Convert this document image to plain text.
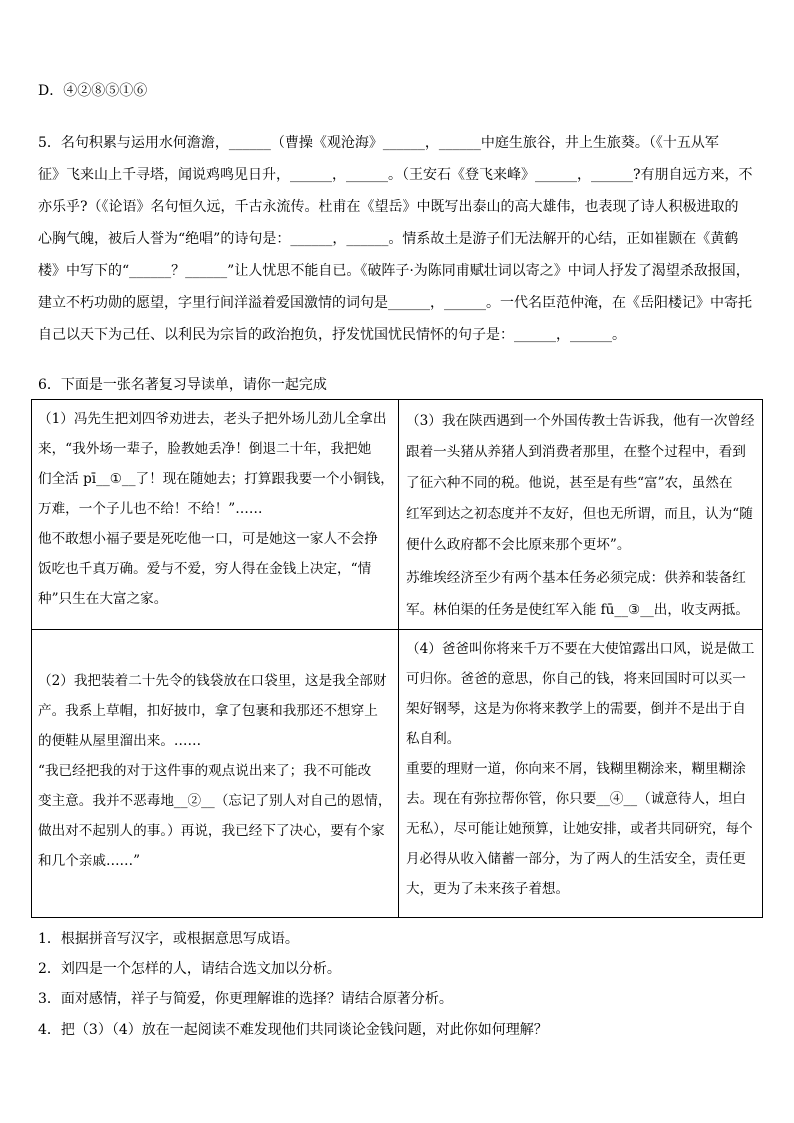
D．④②⑧⑤①⑥
5．名句积累与运用水何澹澹，______（曹操《观沧海》______，______中庭生旅谷，井上生旅葵。（《十五从军
征》飞来山上千寻塔，闻说鸡鸣见日升，______，______。（王安石《登飞来峰》______，______?有朋自远方来，不
亦乐乎?（《论语》名句恒久远，千古永流传。杜甫在《望岳》中既写出泰山的高大雄伟，也表现了诗人积极进取的
心胸气魄，被后人誉为“绝唱”的诗句是：______，______。情系故土是游子们无法解开的心结，正如崔颢在《黄鹤
楼》中写下的“______？______”让人忧思不能自已。《破阵子·为陈同甫赋壮词以寄之》中词人抒发了渴望杀敌报国，
建立不朽功勋的愿望，字里行间洋溢着爱国激情的词句是______，______。一代名臣范仲淹，在《岳阳楼记》中寄托
自己以天下为己任、以利民为宗旨的政治抱负，抒发忧国忧民情怀的句子是：______，______。
6．下面是一张名著复习导读单，请你一起完成
（1）冯先生把刘四爷劝进去，老头子把外场儿劲儿全拿出
来，“我外场一辈子，脸教她丢净！倒退二十年，我把她
们全活 pī__①__了！现在随她去；打算跟我要一个小铜钱，
万难，一个子儿也不给！不给！”……
他不敢想小福子要是死吃他一口，可是她这一家人不会挣
饭吃也千真万确。爱与不爱，穷人得在金钱上决定，“情
种”只生在大富之家。
（3）我在陕西遇到一个外国传教士告诉我，他有一次曾经
跟着一头猪从养猪人到消费者那里，在整个过程中，看到
了征六种不同的税。他说，甚至是有些“富”农，虽然在
红军到达之初态度并不友好，但也无所谓，而且，认为“随
便什么政府都不会比原来那个更坏”。
苏维埃经济至少有两个基本任务必须完成：供养和装备红
军。林伯渠的任务是使红军入能 fū__③__出，收支两抵。
（2）我把装着二十先令的钱袋放在口袋里，这是我全部财
产。我系上草帽，扣好披巾，拿了包裹和我那还不想穿上
的便鞋从屋里溜出来。……
“我已经把我的对于这件事的观点说出来了；我不可能改
变主意。我并不恶毒地__②__（忘记了别人对自己的恩情，
做出对不起别人的事。）再说，我已经下了决心，要有个家
和几个亲戚……”
（4）爸爸叫你将来千万不要在大使馆露出口风，说是做工
可归你。爸爸的意思，你自己的钱，将来回国时可以买一
架好钢琴，这是为你将来教学上的需要，倒并不是出于自
私自利。
重要的理财一道，你向来不屑，钱糊里糊涂来，糊里糊涂
去。现在有弥拉帮你管，你只要__④__（诚意待人，坦白
无私），尽可能让她预算，让她安排，或者共同研究，每个
月必得从收入储蓄一部分，为了两人的生活安全，责任更
大，更为了未来孩子着想。
1．根据拼音写汉字，或根据意思写成语。
2．刘四是一个怎样的人，请结合选文加以分析。
3．面对感情，祥子与简爱，你更理解谁的选择？请结合原著分析。
4．把（3）（4）放在一起阅读不难发现他们共同谈论金钱问题，对此你如何理解？
